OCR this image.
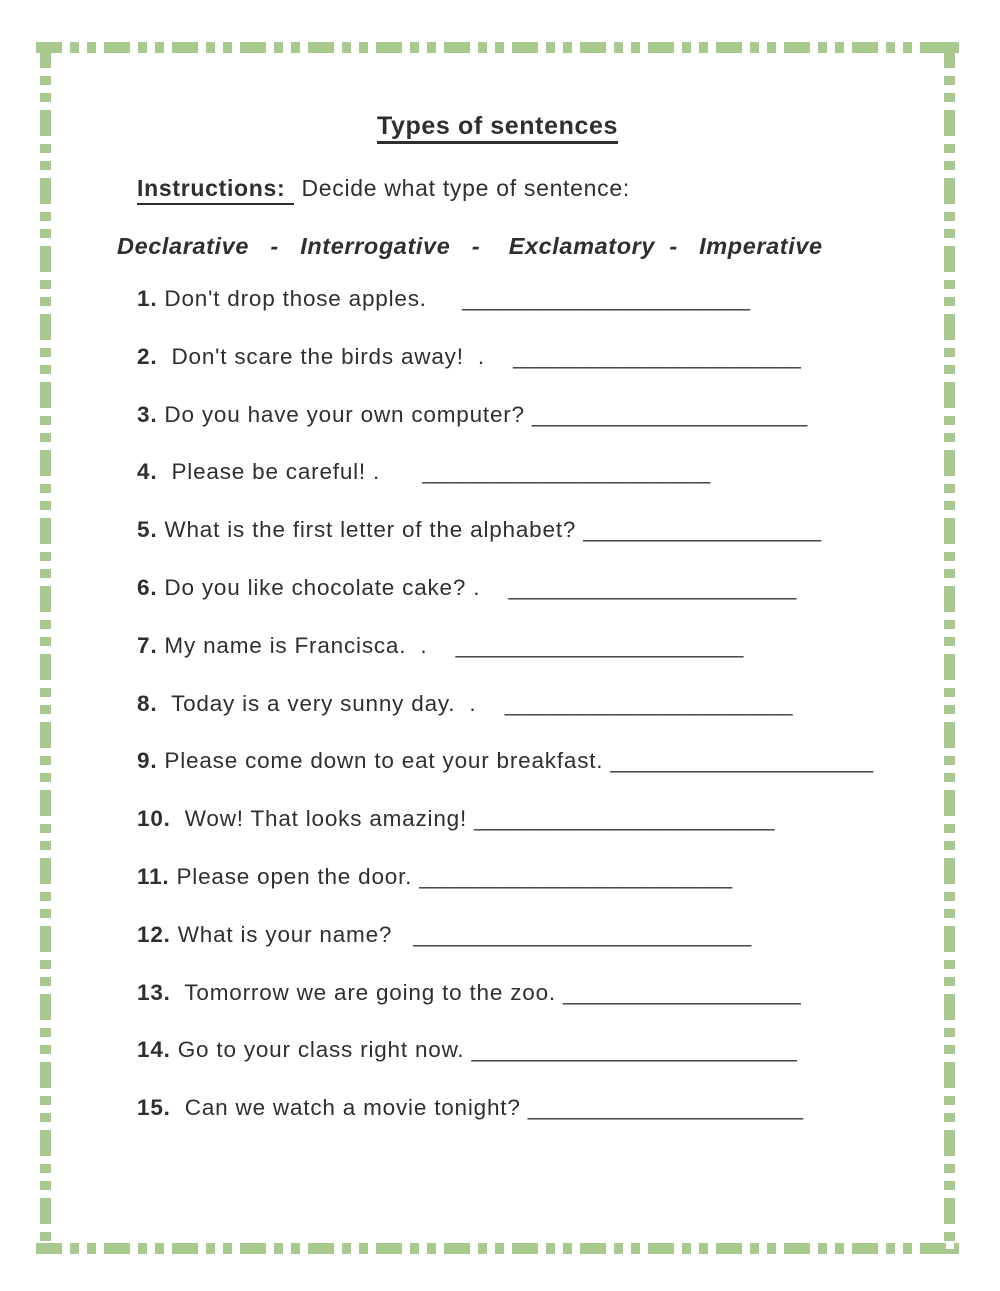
Types of sentences
Instructions: Decide what type of sentence:
Declarative   -   Interrogative   -    Exclamatory  -   Imperative
1. Don't drop those apples.     _______________________
2.  Don't scare the birds away!  .    _______________________
3. Do you have your own computer? ______________________
4.  Please be careful! .      _______________________
5. What is the first letter of the alphabet? ___________________
6. Do you like chocolate cake? .    _______________________
7. My name is Francisca.  .    _______________________
8.  Today is a very sunny day.  .    _______________________
9. Please come down to eat your breakfast. _____________________
10.  Wow! That looks amazing! ________________________
11. Please open the door. _________________________
12. What is your name?   ___________________________
13.  Tomorrow we are going to the zoo. ___________________
14. Go to your class right now. __________________________
15.  Can we watch a movie tonight? ______________________
